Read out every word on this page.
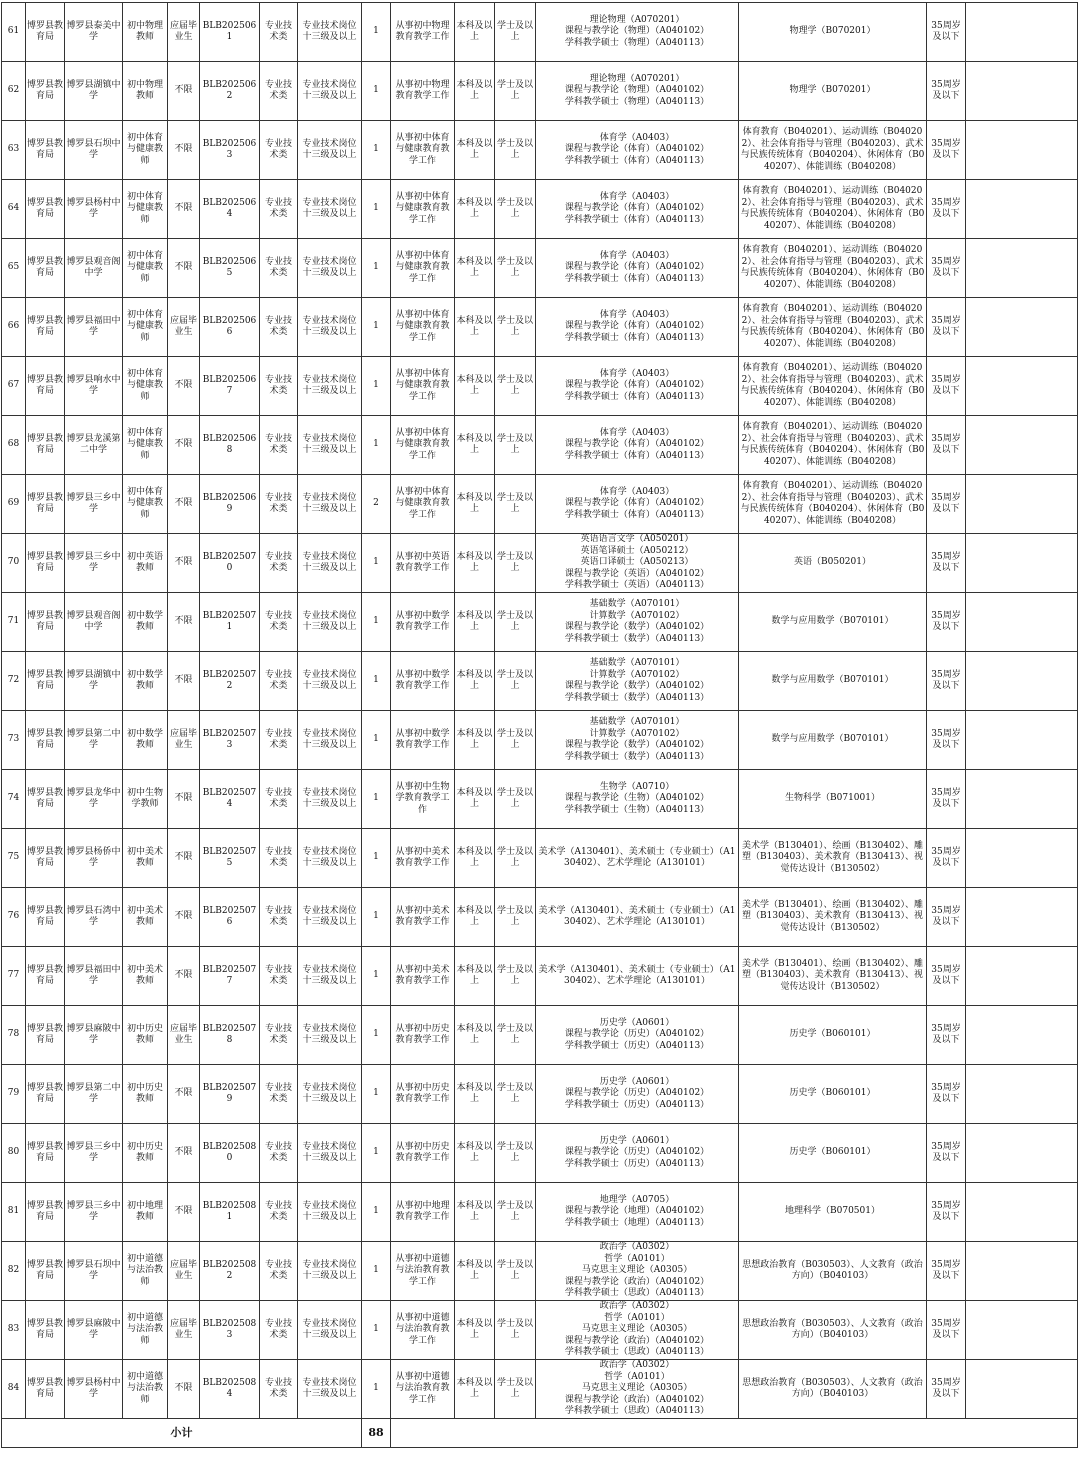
61	博罗县教育局	博罗县泰美中学	初中物理教师	应届毕业生	BLB2025061	专业技术类	专业技术岗位十三级及以上	1	从事初中物理教育教学工作	本科及以上	学士及以上	理论物理（A070201）
课程与教学论（物理）（A040102）
学科教学硕士（物理）（A040113）	物理学（B070201）	35周岁及以下	
62	博罗县教育局	博罗县湖镇中学	初中物理教师	不限	BLB2025062	专业技术类	专业技术岗位十三级及以上	1	从事初中物理教育教学工作	本科及以上	学士及以上	理论物理（A070201）
课程与教学论（物理）（A040102）
学科教学硕士（物理）（A040113）	物理学（B070201）	35周岁及以下	
63	博罗县教育局	博罗县石坝中学	初中体育与健康教师	不限	BLB2025063	专业技术类	专业技术岗位十三级及以上	1	从事初中体育与健康教育教学工作	本科及以上	学士及以上	体育学（A0403）
课程与教学论（体育）（A040102）
学科教学硕士（体育）（A040113）	体育教育（B040201）、运动训练（B040202）、社会体育指导与管理（B040203）、武术与民族传统体育（B040204）、休闲体育（B040207）、体能训练（B040208）	35周岁及以下	
64	博罗县教育局	博罗县杨村中学	初中体育与健康教师	不限	BLB2025064	专业技术类	专业技术岗位十三级及以上	1	从事初中体育与健康教育教学工作	本科及以上	学士及以上	体育学（A0403）
课程与教学论（体育）（A040102）
学科教学硕士（体育）（A040113）	体育教育（B040201）、运动训练（B040202）、社会体育指导与管理（B040203）、武术与民族传统体育（B040204）、休闲体育（B040207）、体能训练（B040208）	35周岁及以下	
65	博罗县教育局	博罗县观音阁中学	初中体育与健康教师	不限	BLB2025065	专业技术类	专业技术岗位十三级及以上	1	从事初中体育与健康教育教学工作	本科及以上	学士及以上	体育学（A0403）
课程与教学论（体育）（A040102）
学科教学硕士（体育）（A040113）	体育教育（B040201）、运动训练（B040202）、社会体育指导与管理（B040203）、武术与民族传统体育（B040204）、休闲体育（B040207）、体能训练（B040208）	35周岁及以下	
66	博罗县教育局	博罗县福田中学	初中体育与健康教师	应届毕业生	BLB2025066	专业技术类	专业技术岗位十三级及以上	1	从事初中体育与健康教育教学工作	本科及以上	学士及以上	体育学（A0403）
课程与教学论（体育）（A040102）
学科教学硕士（体育）（A040113）	体育教育（B040201）、运动训练（B040202）、社会体育指导与管理（B040203）、武术与民族传统体育（B040204）、休闲体育（B040207）、体能训练（B040208）	35周岁及以下	
67	博罗县教育局	博罗县响水中学	初中体育与健康教师	不限	BLB2025067	专业技术类	专业技术岗位十三级及以上	1	从事初中体育与健康教育教学工作	本科及以上	学士及以上	体育学（A0403）
课程与教学论（体育）（A040102）
学科教学硕士（体育）（A040113）	体育教育（B040201）、运动训练（B040202）、社会体育指导与管理（B040203）、武术与民族传统体育（B040204）、休闲体育（B040207）、体能训练（B040208）	35周岁及以下	
68	博罗县教育局	博罗县龙溪第二中学	初中体育与健康教师	不限	BLB2025068	专业技术类	专业技术岗位十三级及以上	1	从事初中体育与健康教育教学工作	本科及以上	学士及以上	体育学（A0403）
课程与教学论（体育）（A040102）
学科教学硕士（体育）（A040113）	体育教育（B040201）、运动训练（B040202）、社会体育指导与管理（B040203）、武术与民族传统体育（B040204）、休闲体育（B040207）、体能训练（B040208）	35周岁及以下	
69	博罗县教育局	博罗县三乡中学	初中体育与健康教师	不限	BLB2025069	专业技术类	专业技术岗位十三级及以上	2	从事初中体育与健康教育教学工作	本科及以上	学士及以上	体育学（A0403）
课程与教学论（体育）（A040102）
学科教学硕士（体育）（A040113）	体育教育（B040201）、运动训练（B040202）、社会体育指导与管理（B040203）、武术与民族传统体育（B040204）、休闲体育（B040207）、体能训练（B040208）	35周岁及以下	
70	博罗县教育局	博罗县三乡中学	初中英语教师	不限	BLB2025070	专业技术类	专业技术岗位十三级及以上	1	从事初中英语教育教学工作	本科及以上	学士及以上	英语语言文学（A050201）
英语笔译硕士（A050212）
英语口译硕士（A050213）
课程与教学论（英语）（A040102）
学科教学硕士（英语）（A040113）	英语（B050201）	35周岁及以下	
71	博罗县教育局	博罗县观音阁中学	初中数学教师	不限	BLB2025071	专业技术类	专业技术岗位十三级及以上	1	从事初中数学教育教学工作	本科及以上	学士及以上	基础数学（A070101）
计算数学（A070102）
课程与教学论（数学）（A040102）
学科教学硕士（数学）（A040113）	数学与应用数学（B070101）	35周岁及以下	
72	博罗县教育局	博罗县湖镇中学	初中数学教师	不限	BLB2025072	专业技术类	专业技术岗位十三级及以上	1	从事初中数学教育教学工作	本科及以上	学士及以上	基础数学（A070101）
计算数学（A070102）
课程与教学论（数学）（A040102）
学科教学硕士（数学）（A040113）	数学与应用数学（B070101）	35周岁及以下	
73	博罗县教育局	博罗县第二中学	初中数学教师	应届毕业生	BLB2025073	专业技术类	专业技术岗位十三级及以上	1	从事初中数学教育教学工作	本科及以上	学士及以上	基础数学（A070101）
计算数学（A070102）
课程与教学论（数学）（A040102）
学科教学硕士（数学）（A040113）	数学与应用数学（B070101）	35周岁及以下	
74	博罗县教育局	博罗县龙华中学	初中生物学教师	不限	BLB2025074	专业技术类	专业技术岗位十三级及以上	1	从事初中生物学教育教学工作	本科及以上	学士及以上	生物学（A0710）
课程与教学论（生物）（A040102）
学科教学硕士（生物）（A040113）	生物科学（B071001）	35周岁及以下	
75	博罗县教育局	博罗县杨侨中学	初中美术教师	不限	BLB2025075	专业技术类	专业技术岗位十三级及以上	1	从事初中美术教育教学工作	本科及以上	学士及以上	美术学（A130401）、美术硕士（专业硕士）（A130402）、艺术学理论（A130101）	美术学（B130401）、绘画（B130402）、雕塑（B130403）、美术教育（B130413）、视觉传达设计（B130502）	35周岁及以下	
76	博罗县教育局	博罗县石湾中学	初中美术教师	不限	BLB2025076	专业技术类	专业技术岗位十三级及以上	1	从事初中美术教育教学工作	本科及以上	学士及以上	美术学（A130401）、美术硕士（专业硕士）（A130402）、艺术学理论（A130101）	美术学（B130401）、绘画（B130402）、雕塑（B130403）、美术教育（B130413）、视觉传达设计（B130502）	35周岁及以下	
77	博罗县教育局	博罗县福田中学	初中美术教师	不限	BLB2025077	专业技术类	专业技术岗位十三级及以上	1	从事初中美术教育教学工作	本科及以上	学士及以上	美术学（A130401）、美术硕士（专业硕士）（A130402）、艺术学理论（A130101）	美术学（B130401）、绘画（B130402）、雕塑（B130403）、美术教育（B130413）、视觉传达设计（B130502）	35周岁及以下	
78	博罗县教育局	博罗县麻陂中学	初中历史教师	应届毕业生	BLB2025078	专业技术类	专业技术岗位十三级及以上	1	从事初中历史教育教学工作	本科及以上	学士及以上	历史学（A0601）
课程与教学论（历史）（A040102）
学科教学硕士（历史）（A040113）	历史学（B060101）	35周岁及以下	
79	博罗县教育局	博罗县第二中学	初中历史教师	不限	BLB2025079	专业技术类	专业技术岗位十三级及以上	1	从事初中历史教育教学工作	本科及以上	学士及以上	历史学（A0601）
课程与教学论（历史）（A040102）
学科教学硕士（历史）（A040113）	历史学（B060101）	35周岁及以下	
80	博罗县教育局	博罗县三乡中学	初中历史教师	不限	BLB2025080	专业技术类	专业技术岗位十三级及以上	1	从事初中历史教育教学工作	本科及以上	学士及以上	历史学（A0601）
课程与教学论（历史）（A040102）
学科教学硕士（历史）（A040113）	历史学（B060101）	35周岁及以下	
81	博罗县教育局	博罗县三乡中学	初中地理教师	不限	BLB2025081	专业技术类	专业技术岗位十三级及以上	1	从事初中地理教育教学工作	本科及以上	学士及以上	地理学（A0705）
课程与教学论（地理）（A040102）
学科教学硕士（地理）（A040113）	地理科学（B070501）	35周岁及以下	
82	博罗县教育局	博罗县石坝中学	初中道德与法治教师	应届毕业生	BLB2025082	专业技术类	专业技术岗位十三级及以上	1	从事初中道德与法治教育教学工作	本科及以上	学士及以上	政治学（A0302）
哲学（A0101）
马克思主义理论（A0305）
课程与教学论（政治）（A040102）
学科教学硕士（思政）（A040113）	思想政治教育（B030503）、人文教育（政治方向）（B040103）	35周岁及以下	
83	博罗县教育局	博罗县麻陂中学	初中道德与法治教师	应届毕业生	BLB2025083	专业技术类	专业技术岗位十三级及以上	1	从事初中道德与法治教育教学工作	本科及以上	学士及以上	政治学（A0302）
哲学（A0101）
马克思主义理论（A0305）
课程与教学论（政治）（A040102）
学科教学硕士（思政）（A040113）	思想政治教育（B030503）、人文教育（政治方向）（B040103）	35周岁及以下	
84	博罗县教育局	博罗县杨村中学	初中道德与法治教师	不限	BLB2025084	专业技术类	专业技术岗位十三级及以上	1	从事初中道德与法治教育教学工作	本科及以上	学士及以上	政治学（A0302）
哲学（A0101）
马克思主义理论（A0305）
课程与教学论（政治）（A040102）
学科教学硕士（思政）（A040113）	思想政治教育（B030503）、人文教育（政治方向）（B040103）	35周岁及以下	
小计								88							
